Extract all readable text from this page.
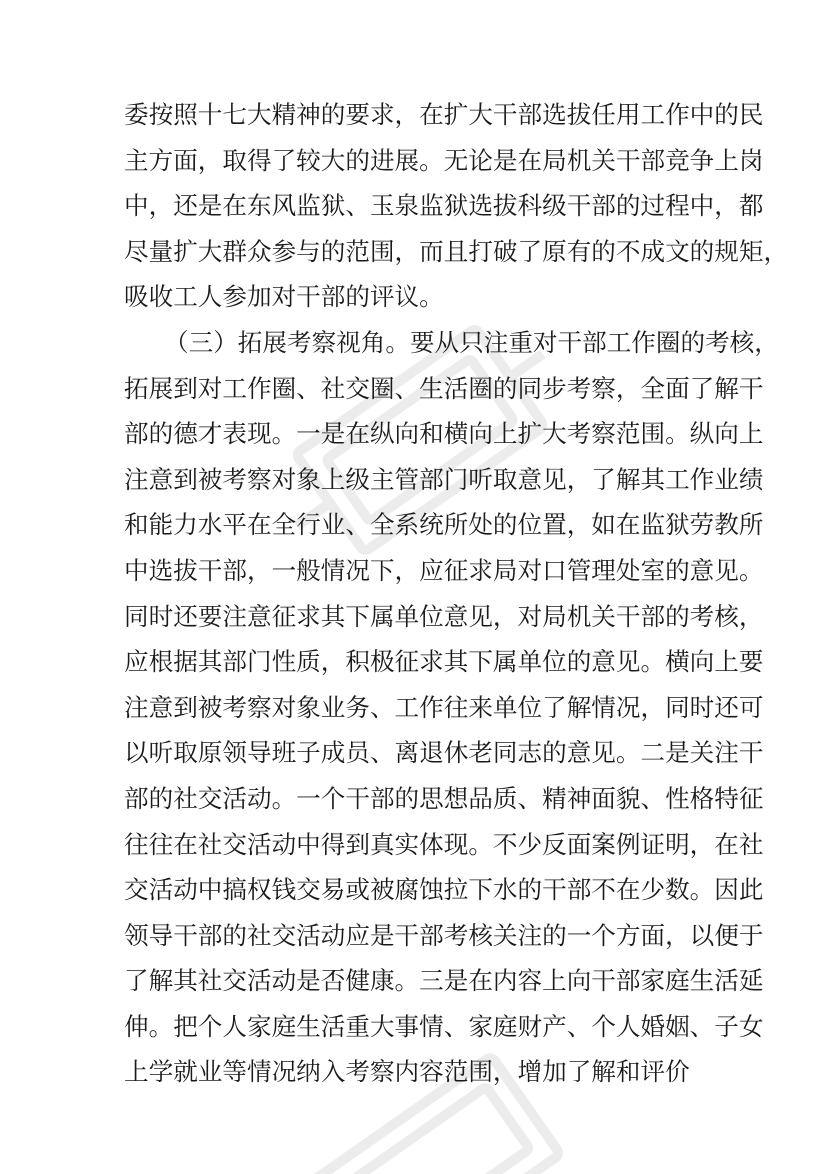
委按照十七大精神的要求，在扩大干部选拔任用工作中的民
主方面，取得了较大的进展。无论是在局机关干部竞争上岗
中，还是在东风监狱、玉泉监狱选拔科级干部的过程中，都
尽量扩大群众参与的范围，而且打破了原有的不成文的规矩，
吸收工人参加对干部的评议。
（三）拓展考察视角。要从只注重对干部工作圈的考核，
拓展到对工作圈、社交圈、生活圈的同步考察，全面了解干
部的德才表现。一是在纵向和横向上扩大考察范围。纵向上
注意到被考察对象上级主管部门听取意见，了解其工作业绩
和能力水平在全行业、全系统所处的位置，如在监狱劳教所
中选拔干部，一般情况下，应征求局对口管理处室的意见。
同时还要注意征求其下属单位意见，对局机关干部的考核，
应根据其部门性质，积极征求其下属单位的意见。横向上要
注意到被考察对象业务、工作往来单位了解情况，同时还可
以听取原领导班子成员、离退休老同志的意见。二是关注干
部的社交活动。一个干部的思想品质、精神面貌、性格特征
往往在社交活动中得到真实体现。不少反面案例证明，在社
交活动中搞权钱交易或被腐蚀拉下水的干部不在少数。因此
领导干部的社交活动应是干部考核关注的一个方面，以便于
了解其社交活动是否健康。三是在内容上向干部家庭生活延
伸。把个人家庭生活重大事情、家庭财产、个人婚姻、子女
上学就业等情况纳入考察内容范围，增加了解和评价
